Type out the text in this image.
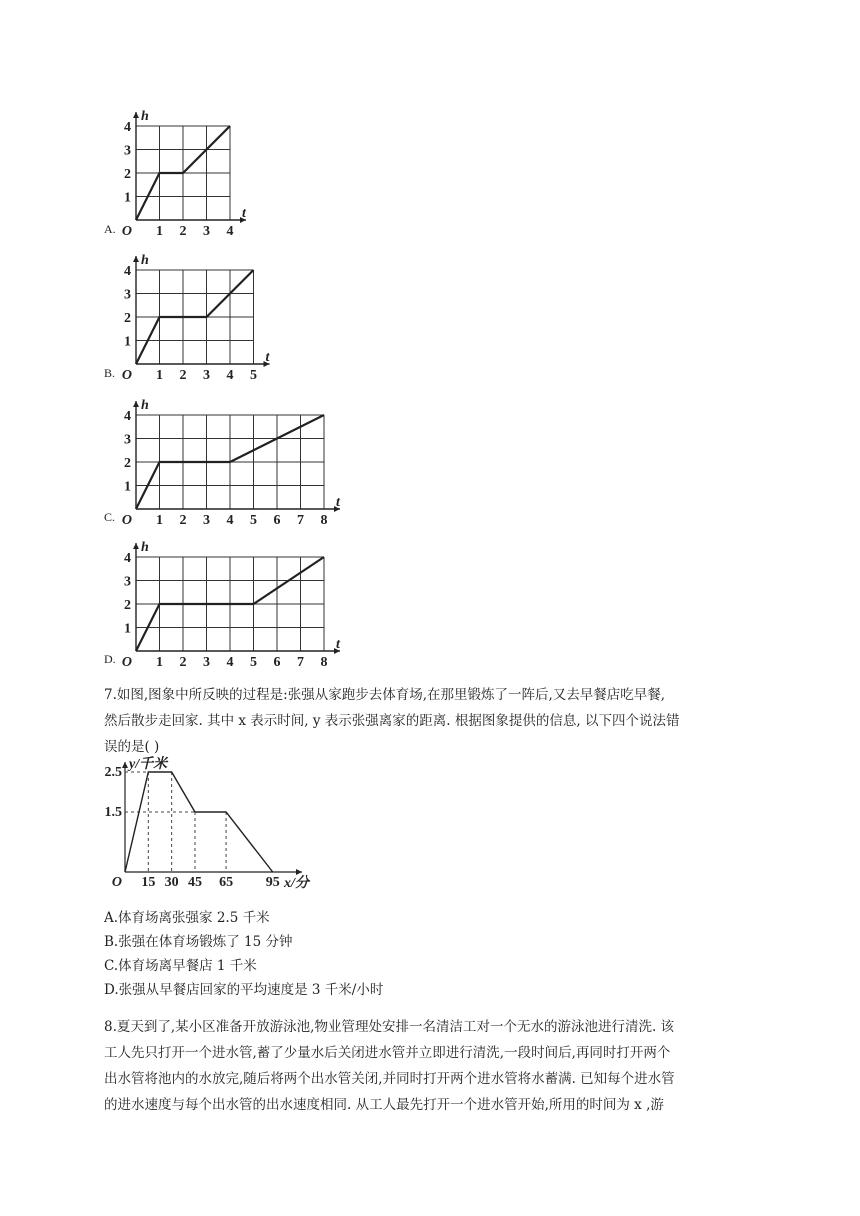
A.	1 2 3 4
1
2
3
4
O
t
h
B.	1 2 3 4 5
1
2
3
4
O
t
h
C.	1 2 3 4 5 6 7 8
1
2
3
4
O
t
h
D.	1 2 3 4 5 6 7 8
1
2
3
4
O
t
h
7.如图,图象中所反映的过程是:张强从家跑步去体育场,在那里锻炼了一阵后,又去早餐店吃早餐,
然后散步走回家. 其中 x 表示时间, y 表示张强离家的距离. 根据图象提供的信息, 以下四个说法错
误的是( )
15 30 45 65 95
1.5
2.5
O	x/分
y/千米
A.体育场离张强家 2.5 千米
B.张强在体育场锻炼了 15 分钟
C.体育场离早餐店 1 千米
D.张强从早餐店回家的平均速度是 3 千米/小时
8.夏天到了,某小区准备开放游泳池,物业管理处安排一名清洁工对一个无水的游泳池进行清洗. 该
工人先只打开一个进水管,蓄了少量水后关闭进水管并立即进行清洗,一段时间后,再同时打开两个
出水管将池内的水放完,随后将两个出水管关闭,并同时打开两个进水管将水蓄满. 已知每个进水管
的进水速度与每个出水管的出水速度相同. 从工人最先打开一个进水管开始,所用的时间为 x ,游
